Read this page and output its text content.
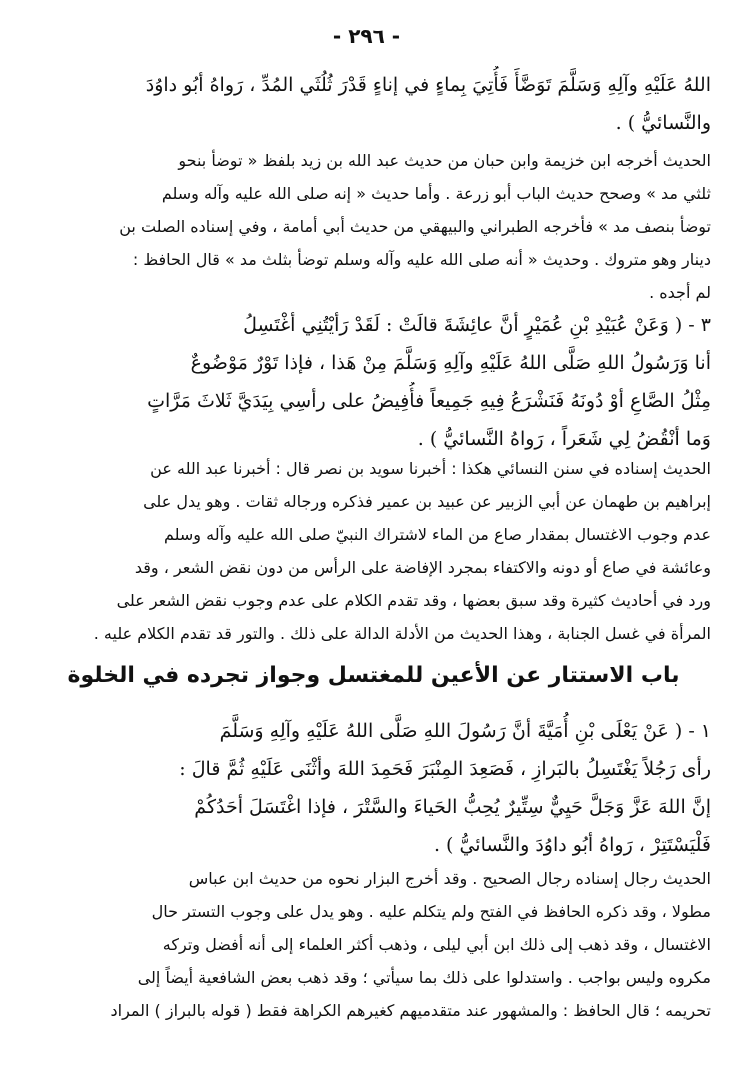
- ٢٩٦ -
اللهُ عَلَيْهِ وآلِهِ وَسَلَّمَ تَوَضَّأَ فَأُتِيَ بِماءٍ في إناءٍ قَدْرَ ثُلُثَي المُدِّ ، رَواهُ أبُو داوُدَ
والنَّسائيُّ ) .
الحديث أخرجه ابن خزيمة وابن حبان من حديث عبد الله بن زيد بلفظ « توضأ بنحو
ثلثي مد » وصحح حديث الباب أبو زرعة . وأما حديث « إنه صلى الله عليه وآله وسلم
توضأ بنصف مد » فأخرجه الطبراني والبيهقي من حديث أبي أمامة ، وفي إسناده الصلت بن
دينار وهو متروك . وحديث « أنه صلى الله عليه وآله وسلم توضأ بثلث مد » قال الحافظ :
لم أجده .
٣ - ( وَعَنْ عُبَيْدِ بْنِ عُمَيْرٍ أنَّ عائِشَةَ قالَتْ : لَقَدْ رَأيْتُنِي أغْتَسِلُ
أنا وَرَسُولُ اللهِ صَلَّى اللهُ عَلَيْهِ وآلِهِ وَسَلَّمَ مِنْ هَذا ، فإذا تَوْرٌ مَوْضُوعٌ
مِثْلُ الصَّاعِ أوْ دُونَهُ فَنَشْرَعُ فِيهِ جَمِيعاً فأُفِيضُ على رأسِي بِيَدَيَّ ثَلاثَ مَرَّاتٍ
وَما أنْقُضُ لِي شَعَراً ، رَواهُ النَّسائيُّ ) .
الحديث إسناده في سنن النسائي هكذا : أخبرنا سويد بن نصر قال : أخبرنا عبد الله عن
إبراهيم بن طهمان عن أبي الزبير عن عبيد بن عمير فذكره ورجاله ثقات . وهو يدل على
عدم وجوب الاغتسال بمقدار صاع من الماء لاشتراك النبيّ صلى الله عليه وآله وسلم
وعائشة في صاع أو دونه والاكتفاء بمجرد الإفاضة على الرأس من دون نقض الشعر ، وقد
ورد في أحاديث كثيرة وقد سبق بعضها ، وقد تقدم الكلام على عدم وجوب نقض الشعر على
المرأة في غسل الجنابة ، وهذا الحديث من الأدلة الدالة على ذلك . والتور قد تقدم الكلام عليه .
باب الاستتار عن الأعين للمغتسل وجواز تجرده في الخلوة
١ - ( عَنْ يَعْلَى بْنِ أُمَيَّةَ أنَّ رَسُولَ اللهِ صَلَّى اللهُ عَلَيْهِ وآلِهِ وَسَلَّمَ
رأى رَجُلاً يَغْتَسِلُ بالبَرازِ ، فَصَعِدَ المِنْبَرَ فَحَمِدَ اللهَ وأثْنَى عَلَيْهِ ثُمَّ قالَ :
إنَّ اللهَ عَزَّ وَجَلَّ حَيِيٌّ سِتِّيرٌ يُحِبُّ الحَياءَ والسَّتْرَ ، فإذا اغْتَسَلَ أحَدُكُمْ
فَلْيَسْتَتِرْ ، رَواهُ أبُو داوُدَ والنَّسائيُّ ) .
الحديث رجال إسناده رجال الصحيح . وقد أخرج البزار نحوه من حديث ابن عباس
مطولا ، وقد ذكره الحافظ في الفتح ولم يتكلم عليه . وهو يدل على وجوب التستر حال
الاغتسال ، وقد ذهب إلى ذلك ابن أبي ليلى ، وذهب أكثر العلماء إلى أنه أفضل وتركه
مكروه وليس بواجب . واستدلوا على ذلك بما سيأتي ؛ وقد ذهب بعض الشافعية أيضاً إلى
تحريمه ؛ قال الحافظ : والمشهور عند متقدميهم كغيرهم الكراهة فقط ( قوله بالبراز ) المراد
